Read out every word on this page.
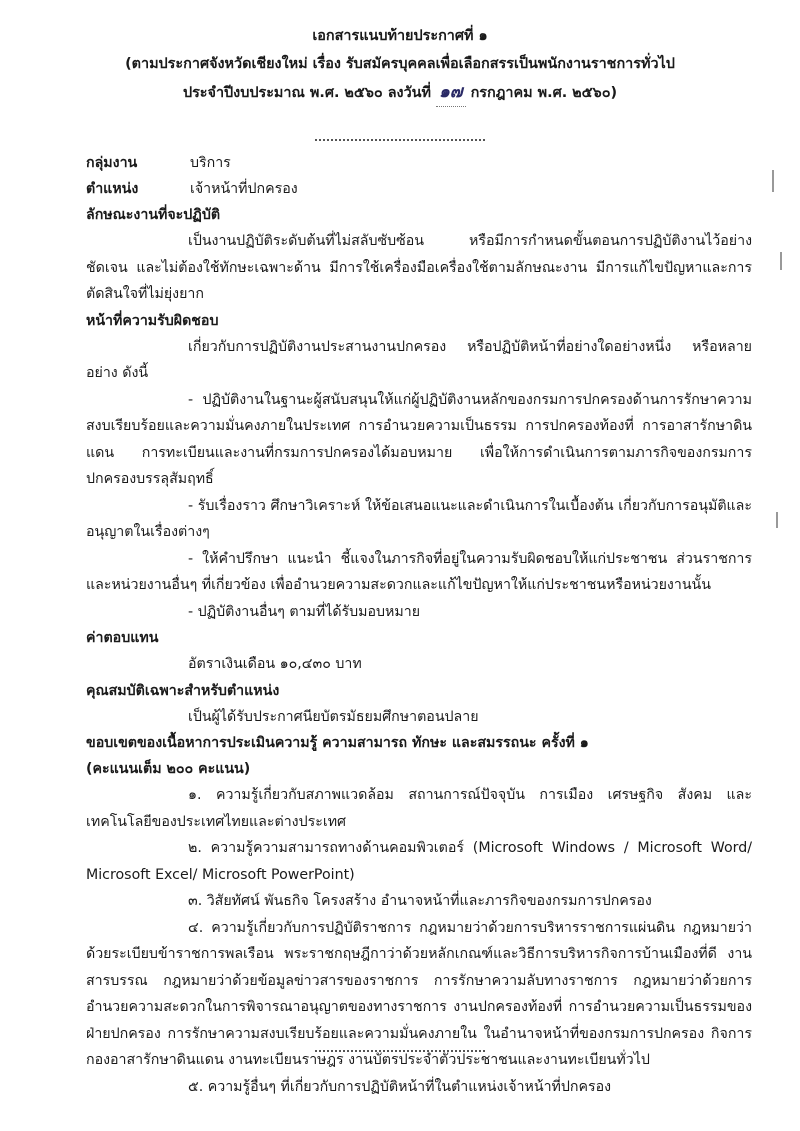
เอกสารแนบท้ายประกาศที่ ๑
(ตามประกาศจังหวัดเชียงใหม่ เรื่อง รับสมัครบุคคลเพื่อเลือกสรรเป็นพนักงานราชการทั่วไป
ประจำปีงบประมาณ พ.ศ. ๒๕๖๐ ลงวันที่ ๑๗ กรกฎาคม พ.ศ. ๒๕๖๐)
กลุ่มงาน	บริการ
ตำแหน่ง	เจ้าหน้าที่ปกครอง
ลักษณะงานที่จะปฏิบัติ

เป็นงานปฏิบัติระดับต้นที่ไม่สลับซับซ้อน หรือมีการกำหนดขั้นตอนการปฏิบัติงานไว้อย่างชัดเจน และไม่ต้องใช้ทักษะเฉพาะด้าน มีการใช้เครื่องมือเครื่องใช้ตามลักษณะงาน มีการแก้ไขปัญหาและการตัดสินใจที่ไม่ยุ่งยาก

หน้าที่ความรับผิดชอบ

เกี่ยวกับการปฏิบัติงานประสานงานปกครอง หรือปฏิบัติหน้าที่อย่างใดอย่างหนึ่ง หรือหลาย อย่าง ดังนี้

- ปฏิบัติงานในฐานะผู้สนับสนุนให้แก่ผู้ปฏิบัติงานหลักของกรมการปกครองด้านการรักษาความสงบเรียบร้อยและความมั่นคงภายในประเทศ การอำนวยความเป็นธรรม การปกครองท้องที่ การอาสารักษาดินแดน การทะเบียนและงานที่กรมการปกครองได้มอบหมาย เพื่อให้การดำเนินการตามภารกิจของกรมการปกครองบรรลุสัมฤทธิ์

- รับเรื่องราว ศึกษาวิเคราะห์ ให้ข้อเสนอแนะและดำเนินการในเบื้องต้น เกี่ยวกับการอนุมัติและอนุญาตในเรื่องต่างๆ

- ให้คำปรึกษา แนะนำ ชี้แจงในภารกิจที่อยู่ในความรับผิดชอบให้แก่ประชาชน ส่วนราชการและหน่วยงานอื่นๆ ที่เกี่ยวข้อง เพื่ออำนวยความสะดวกและแก้ไขปัญหาให้แก่ประชาชนหรือหน่วยงานนั้น

- ปฏิบัติงานอื่นๆ ตามที่ได้รับมอบหมาย

ค่าตอบแทน
อัตราเงินเดือน ๑๐,๔๓๐ บาท
คุณสมบัติเฉพาะสำหรับตำแหน่ง
เป็นผู้ได้รับประกาศนียบัตรมัธยมศึกษาตอนปลาย
ขอบเขตของเนื้อหาการประเมินความรู้ ความสามารถ ทักษะ และสมรรถนะ ครั้งที่ ๑
(คะแนนเต็ม ๒๐๐ คะแนน)

๑. ความรู้เกี่ยวกับสภาพแวดล้อม สถานการณ์ปัจจุบัน การเมือง เศรษฐกิจ สังคม และเทคโนโลยีของประเทศไทยและต่างประเทศ

๒. ความรู้ความสามารถทางด้านคอมพิวเตอร์ (Microsoft Windows / Microsoft Word/ Microsoft Excel/ Microsoft PowerPoint)

๓. วิสัยทัศน์ พันธกิจ โครงสร้าง อำนาจหน้าที่และภารกิจของกรมการปกครอง

๔. ความรู้เกี่ยวกับการปฏิบัติราชการ กฎหมายว่าด้วยการบริหารราชการแผ่นดิน กฎหมายว่าด้วยระเบียบข้าราชการพลเรือน พระราชกฤษฎีกาว่าด้วยหลักเกณฑ์และวิธีการบริหารกิจการบ้านเมืองที่ดี งานสารบรรณ กฎหมายว่าด้วยข้อมูลข่าวสารของราชการ การรักษาความลับทางราชการ กฎหมายว่าด้วยการอำนวยความสะดวกในการพิจารณาอนุญาตของทางราชการ งานปกครองท้องที่ การอำนวยความเป็นธรรมของฝ่ายปกครอง การรักษาความสงบเรียบร้อยและความมั่นคงภายใน ในอำนาจหน้าที่ของกรมการปกครอง กิจการกองอาสารักษาดินแดน งานทะเบียนราษฎร งานบัตรประจำตัวประชาชนและงานทะเบียนทั่วไป

๕. ความรู้อื่นๆ ที่เกี่ยวกับการปฏิบัติหน้าที่ในตำแหน่งเจ้าหน้าที่ปกครอง
